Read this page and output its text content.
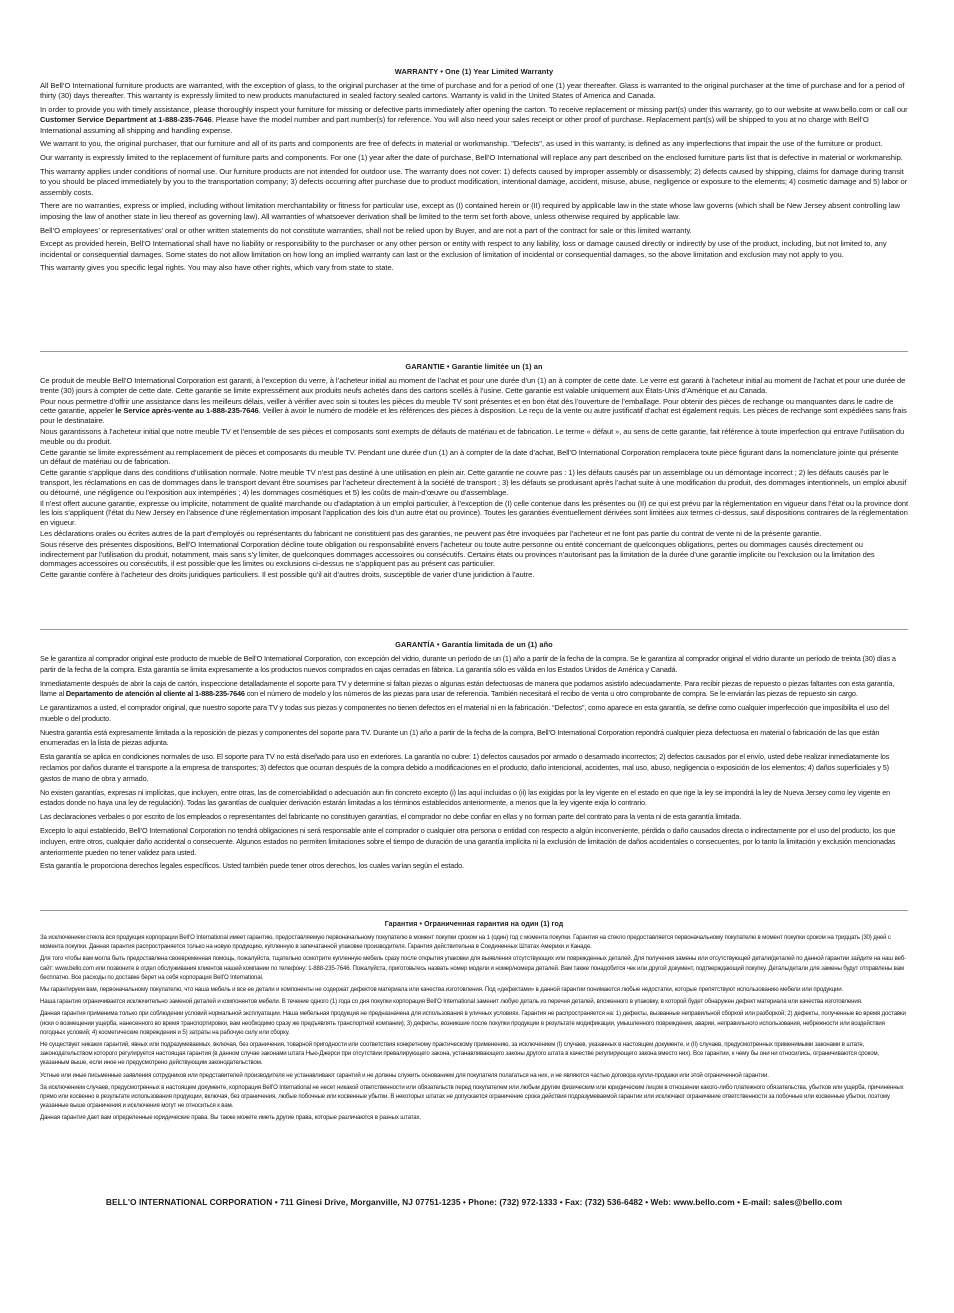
WARRANTY • One (1) Year Limited Warranty

All Bell’O International furniture products are warranted, with the exception of glass, to the original purchaser at the time of purchase and for a period of one (1) year thereafter. Glass is warranted to the original purchaser at the time of purchase and for a period of thirty (30) days thereafter. This warranty is expressly limited to new products manufactured in sealed factory sealed cartons. Warranty is valid in the United States of America and Canada.

In order to provide you with timely assistance, please thoroughly inspect your furniture for missing or defective parts immediately after opening the carton. To receive replacement or missing part(s) under this warranty, go to our website at www.bello.com or call our Customer Service Department at 1-888-235-7646. Please have the model number and part number(s) for reference. You will also need your sales receipt or other proof of purchase. Replacement part(s) will be shipped to you at no charge with Bell’O International assuming all shipping and handling expense.

We warrant to you, the original purchaser, that our furniture and all of its parts and components are free of defects in material or workmanship. "Defects", as used in this warranty, is defined as any imperfections that impair the use of the furniture or product.

Our warranty is expressly limited to the replacement of furniture parts and components. For one (1) year after the date of purchase, Bell’O International will replace any part described on the enclosed furniture parts list that is defective in material or workmanship.

This warranty applies under conditions of normal use. Our furniture products are not intended for outdoor use. The warranty does not cover: 1) defects caused by improper assembly or disassembly; 2) defects caused by shipping, claims for damage during transit to you should be placed immediately by you to the transportation company; 3) defects occurring after purchase due to product modification, intentional damage, accident, misuse, abuse, negligence or exposure to the elements; 4) cosmetic damage and 5) labor or assembly costs.

There are no warranties, express or implied, including without limitation merchantability or fitness for particular use, except as (I) contained herein or (II) required by applicable law in the state whose law governs (which shall be New Jersey absent controlling law imposing the law of another state in lieu thereof as governing law). All warranties of whatsoever derivation shall be limited to the term set forth above, unless otherwise required by applicable law.

Bell’O employees’ or representatives’ oral or other written statements do not constitute warranties, shall not be relied upon by Buyer, and are not a part of the contract for sale or this limited warranty.

Except as provided herein, Bell’O International shall have no liability or responsibility to the purchaser or any other person or entity with respect to any liability, loss or damage caused directly or indirectly by use of the product, including, but not limited to, any incidental or consequential damages. Some states do not allow limitation on how long an implied warranty can last or the exclusion of limitation of incidental or consequential damages, so the above limitation and exclusion may not apply to you.

This warranty gives you specific legal rights. You may also have other rights, which vary from state to state.

GARANTIE • Garantie limitée un (1) an

Ce produit de meuble Bell’O International Corporation est garanti, à l’exception du verre, à l’acheteur initial au moment de l’achat et pour une durée d’un (1) an à compter de cette date. Le verre est garanti à l’acheteur initial au moment de l’achat et pour une durée de trente (30) jours à compter de cette date. Cette garantie se limite expressément aux produits neufs achetés dans des cartons scellés à l’usine. Cette garantie est valable uniquement aux États-Unis d’Amérique et au Canada.

Pour nous permettre d’offrir une assistance dans les meilleurs délais, veiller à vérifier avec soin si toutes les pièces du meuble TV sont présentes et en bon état dès l’ouverture de l’emballage. Pour obtenir des pièces de rechange ou manquantes dans le cadre de cette garantie, appeler le Service après-vente au 1-888-235-7646. Veiller à avoir le numéro de modèle et les références des pièces à disposition. Le reçu de la vente ou autre justificatif d’achat est également requis. Les pièces de rechange sont expédiées sans frais pour le destinataire.

Nous garantissons à l’acheteur initial que notre meuble TV et l’ensemble de ses pièces et composants sont exempts de défauts de matériau et de fabrication. Le terme « défaut », au sens de cette garantie, fait référence à toute imperfection qui entrave l’utilisation du meuble ou du produit.

Cette garantie se limite expressément au remplacement de pièces et composants du meuble TV. Pendant une durée d’un (1) an à compter de la date d’achat, Bell’O International Corporation remplacera toute pièce figurant dans la nomenclature jointe qui présente un défaut de matériau ou de fabrication.

Cette garantie s’applique dans des conditions d’utilisation normale. Notre meuble TV n’est pas destiné à une utilisation en plein air. Cette garantie ne couvre pas : 1) les défauts causés par un assemblage ou un démontage incorrect ; 2) les défauts causés par le transport, les réclamations en cas de dommages dans le transport devant être soumises par l’acheteur directement à la société de transport ; 3) les défauts se produisant après l’achat suite à une modification du produit, des dommages intentionnels, un emploi abusif ou détourné, une négligence ou l’exposition aux intempéries ; 4) les dommages cosmétiques et 5) les coûts de main-d’œuvre ou d’assemblage.

Il n’est offert aucune garantie, expresse ou implicite, notamment de qualité marchande ou d’adaptation à un emploi particulier, à l’exception de (I) celle contenue dans les présentes ou (II) ce qui est prévu par la réglementation en vigueur dans l’état ou la province dont les lois s’appliquent (l’état du New Jersey en l’absence d’une réglementation imposant l’application des lois d’un autre état ou province). Toutes les garanties éventuellement dérivées sont limitées aux termes ci-dessus, sauf dispositions contraires de la réglementation en vigueur.

Les déclarations orales ou écrites autres de la part d’employés ou représentants du fabricant ne constituent pas des garanties, ne peuvent pas être invoquées par l’acheteur et ne font pas partie du contrat de vente ni de la présente garantie.

Sous réserve des présentes dispositions, Bell’O International Corporation décline toute obligation ou responsabilité envers l’acheteur ou toute autre personne ou entité concernant de quelconques obligations, pertes ou dommages causés directement ou indirectement par l’utilisation du produit, notamment, mais sans s’y limiter, de quelconques dommages accessoires ou consécutifs. Certains états ou provinces n’autorisant pas la limitation de la durée d’une garantie implicite ou l’exclusion ou la limitation des dommages accessoires ou consécutifs, il est possible que les limites ou exclusions ci-dessus ne s’appliquent pas au présent cas particulier.

Cette garantie confère à l’acheteur des droits juridiques particuliers. Il est possible qu’il ait d’autres droits, susceptible de varier d’une juridiction à l’autre.

GARANTÍA • Garantía limitada de un (1) año

Se le garantiza al comprador original este producto de mueble de Bell’O International Corporation, con excepción del vidrio, durante un período de un (1) año a partir de la fecha de la compra. Se le garantiza al comprador original el vidrio durante un período de treinta (30) días a partir de la fecha de la compra. Esta garantía se limita expresamente a los productos nuevos comprados en cajas cerradas en fábrica. La garantía sólo es válida en los Estados Unidos de América y Canadá.

Inmediatamente después de abrir la caja de cartón, inspeccione detalladamente el soporte para TV y determine si faltan piezas o algunas están defectuosas de manera que podamos asistirlo adecuadamente. Para recibir piezas de repuesto o piezas faltantes con esta garantía, llame al Departamento de atención al cliente al 1-888-235-7646 con el número de modelo y los números de las piezas para usar de referencia. También necesitará el recibo de venta u otro comprobante de compra. Se le enviarán las piezas de repuesto sin cargo.

Le garantizamos a usted, el comprador original, que nuestro soporte para TV y todas sus piezas y componentes no tienen defectos en el material ni en la fabricación. “Defectos”, como aparece en esta garantía, se define como cualquier imperfección que imposibilita el uso del mueble o del producto.

Nuestra garantía está expresamente limitada a la reposición de piezas y componentes del soporte para TV. Durante un (1) año a partir de la fecha de la compra, Bell’O International Corporation repondrá cualquier pieza defectuosa en material o fabricación de las que están enumeradas en la lista de piezas adjunta.

Esta garantía se aplica en condiciones normales de uso. El soporte para TV no está diseñado para uso en exteriores. La garantía no cubre: 1) defectos causados por armado o desarmado incorrectos; 2) defectos causados por el envío, usted debe realizar inmediatamente los reclamos por daños durante el transporte a la empresa de transportes; 3) defectos que ocurran después de la compra debido a modificaciones en el producto, daño intencional, accidentes, mal uso, abuso, negligencia o exposición de los elementos; 4) daños superficiales y 5) gastos de mano de obra y armado.

No existen garantías, expresas ni implícitas, que incluyen, entre otras, las de comerciabilidad o adecuación aun fin concreto excepto (i) las aquí incluidas o (ii) las exigidas por la ley vigente en el estado en que rige la ley se impondrá la ley de Nueva Jersey como ley vigente en estados donde no haya una ley de regulación). Todas las garantías de cualquier derivación estarán limitadas a los términos establecidos anteriormente, a menos que la ley vigente exija lo contrario.

Las declaraciones verbales o por escrito de los empleados o representantes del fabricante no constituyen garantías, el comprador no debe confiar en ellas y no forman parte del contrato para la venta ni de esta garantía limitada.

Excepto lo aquí establecido, Bell’O International Corporation no tendrá obligaciones ni será responsable ante el comprador o cualquier otra persona o entidad con respecto a algún inconveniente, pérdida o daño causados directa o indirectamente por el uso del producto, los que incluyen, entre otros, cualquier daño accidental o consecuente. Algunos estados no permiten limitaciones sobre el tiempo de duración de una garantía implícita ni la exclusión de limitación de daños accidentales o consecuentes, por lo tanto la limitación y exclusión mencionadas anteriormente pueden no tener validez para usted.

Esta garantía le proporciona derechos legales específicos. Usted también puede tener otros derechos, los cuales varían según el estado.

Гарантия • Ограниченная гарантия на один (1) год

За исключением стекла вся продукция корпорации Bell’O International имеет гарантию, предоставляемую первоначальному покупателю в момент покупки сроком на 1 (один) год с момента покупки. Гарантия на стекло предоставляется первоначальному покупателю в момент покупки сроком на тридцать (30) дней с момента покупки. Данная гарантия распространяется только на новую продукцию, купленную в запечатанной упаковке производителя. Гарантия действительна в Соединенных Штатах Америки и Канаде.

Для того чтобы вам могла быть предоставлена своевременная помощь, пожалуйста, тщательно осмотрите купленную мебель сразу после открытия упаковки для выявления отсутствующих или поврежденных деталей. Для получения замены или отсутствующей детали/деталей по данной гарантии зайдите на наш веб-сайт: www.bello.com или позвоните в отдел обслуживания клиентов нашей компании по телефону: 1-888-235-7646. Пожалуйста, приготовьтесь назвать номер модели и номер/номера деталей. Вам также понадобится чек или другой документ, подтверждающий покупку. Деталь/детали для замены будут отправлены вам бесплатно. Все расходы по доставке берет на себя корпорация Bell’O International.

Мы гарантируем вам, первоначальному покупателю, что наша мебель и все ее детали и компоненты не содержат дефектов материала или качества изготовления. Под «дефектами» в данной гарантии понимаются любые недостатки, которые препятствуют использованию мебели или продукции.

Наша гарантия ограничивается исключительно заменой деталей и компонентов мебели. В течение одного (1) года со дня покупки корпорация Bell’O International заменит любую деталь из перечня деталей, вложенного в упаковку, в которой будет обнаружен дефект материала или качества изготовления.

Данная гарантия применима только при соблюдении условий нормальной эксплуатации. Наша мебельная продукция не предназначена для использования в уличных условиях. Гарантия не распространяется на: 1) дефекты, вызванные неправильной сборкой или разборкой; 2) дефекты, полученные во время доставки (иски о возмещении ущерба, нанесенного во время транспортировки, вам необходимо сразу же предъявлять транспортной компании); 3) дефекты, возникшие после покупки продукции в результате модификации, умышленного повреждения, аварии, неправильного использования, небрежности или воздействия погодных условий; 4) косметические повреждения и 5) затраты на рабочую силу или сборку.

Не существует никаких гарантий, явных или подразумеваемых, включая, без ограничения, товарной пригодности или соответствия конкретному практическому применению, за исключением (I) случаев, указанных в настоящем документе, и (II) случаев, предусмотренных применимыми законами в штате, законодательством которого регулируется настоящая гарантия (в данном случае законами штата Нью-Джерси при отсутствии превалирующего закона, устанавливающего законы другого штата в качестве регулирующего закона вместо них). Все гарантии, к чему бы они ни относились, ограничиваются сроком, указанным выше, если иное не предусмотрено действующим законодательством.

Устные или иные письменные заявления сотрудников или представителей производителя не устанавливают гарантий и не должны служить основанием для покупателя полагаться на них, и не являются частью договора купли-продажи или этой ограниченной гарантии.

За исключением случаев, предусмотренных в настоящем документе, корпорация Bell’O International не несет никакой ответственности или обязательств перед покупателем или любым другим физическим или юридическим лицом в отношении какого-либо платежного обязательства, убытков или ущерба, причиненных прямо или косвенно в результате использования продукции, включая, без ограничения, любые побочные или косвенные убытки. В некоторых штатах не допускается ограничение срока действия подразумеваемой гарантии или исключают ограничение ответственности за побочные или косвенные убытки, поэтому указанные выше ограничения и исключения могут не относиться к вам.

Данная гарантия дает вам определенные юридические права. Вы также можете иметь другие права, которые различаются в разных штатах.

BELL'O INTERNATIONAL CORPORATION • 711 Ginesi Drive, Morganville, NJ 07751-1235 • Phone: (732) 972-1333 • Fax: (732) 536-6482 • Web: www.bello.com • E-mail: sales@bello.com
